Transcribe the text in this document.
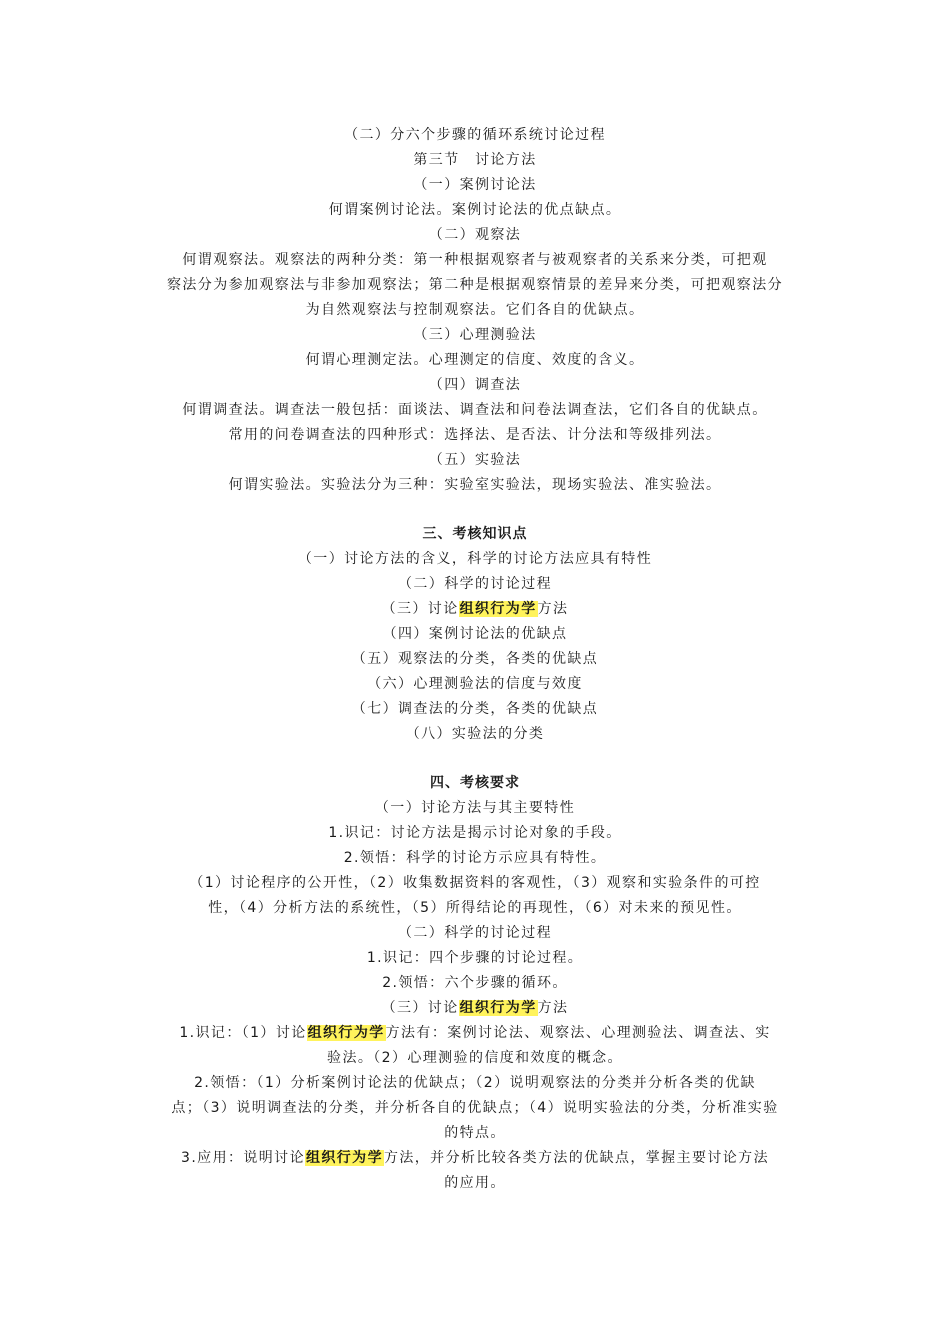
（二）分六个步骤的循环系统讨论过程
第三节　讨论方法
（一）案例讨论法
何谓案例讨论法。案例讨论法的优点缺点。
（二）观察法
何谓观察法。观察法的两种分类：第一种根据观察者与被观察者的关系来分类，可把观
察法分为参加观察法与非参加观察法；第二种是根据观察情景的差异来分类，可把观察法分
为自然观察法与控制观察法。它们各自的优缺点。
（三）心理测验法
何谓心理测定法。心理测定的信度、效度的含义。
（四）调查法
何谓调查法。调查法一般包括：面谈法、调查法和问卷法调查法，它们各自的优缺点。
常用的问卷调查法的四种形式：选择法、是否法、计分法和等级排列法。
（五）实验法
何谓实验法。实验法分为三种：实验室实验法，现场实验法、准实验法。
三、考核知识点
（一）讨论方法的含义，科学的讨论方法应具有特性
（二）科学的讨论过程
（三）讨论组织行为学方法
（四）案例讨论法的优缺点
（五）观察法的分类，各类的优缺点
（六）心理测验法的信度与效度
（七）调查法的分类，各类的优缺点
（八）实验法的分类
四、考核要求
（一）讨论方法与其主要特性
1.识记：讨论方法是揭示讨论对象的手段。
2.领悟：科学的讨论方示应具有特性。
（1）讨论程序的公开性，（2）收集数据资料的客观性，（3）观察和实验条件的可控
性，（4）分析方法的系统性，（5）所得结论的再现性，（6）对未来的预见性。
（二）科学的讨论过程
1.识记：四个步骤的讨论过程。
2.领悟：六个步骤的循环。
（三）讨论组织行为学方法
1.识记：（1）讨论组织行为学方法有：案例讨论法、观察法、心理测验法、调查法、实
验法。（2）心理测验的信度和效度的概念。
2.领悟：（1）分析案例讨论法的优缺点；（2）说明观察法的分类并分析各类的优缺
点；（3）说明调查法的分类，并分析各自的优缺点；（4）说明实验法的分类，分析准实验
的特点。
3.应用：说明讨论组织行为学方法，并分析比较各类方法的优缺点，掌握主要讨论方法
的应用。
